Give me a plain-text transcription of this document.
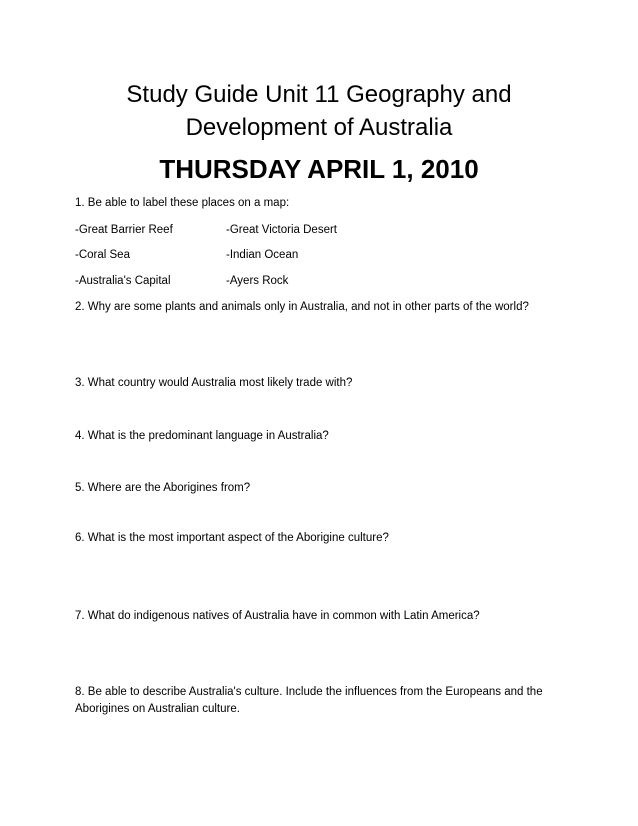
Study Guide Unit 11 Geography and
Development of Australia
THURSDAY APRIL 1, 2010
1. Be able to label these places on a map:
-Great Barrier Reef	-Great Victoria Desert
-Coral Sea	-Indian Ocean
-Australia's Capital	-Ayers Rock
2. Why are some plants and animals only in Australia, and not in other parts of the world?
3. What country would Australia most likely trade with?
4. What is the predominant language in Australia?
5. Where are the Aborigines from?
6. What is the most important aspect of the Aborigine culture?
7. What do indigenous natives of Australia have in common with Latin America?
8. Be able to describe Australia's culture. Include the influences from the Europeans and the
Aborigines on Australian culture.
